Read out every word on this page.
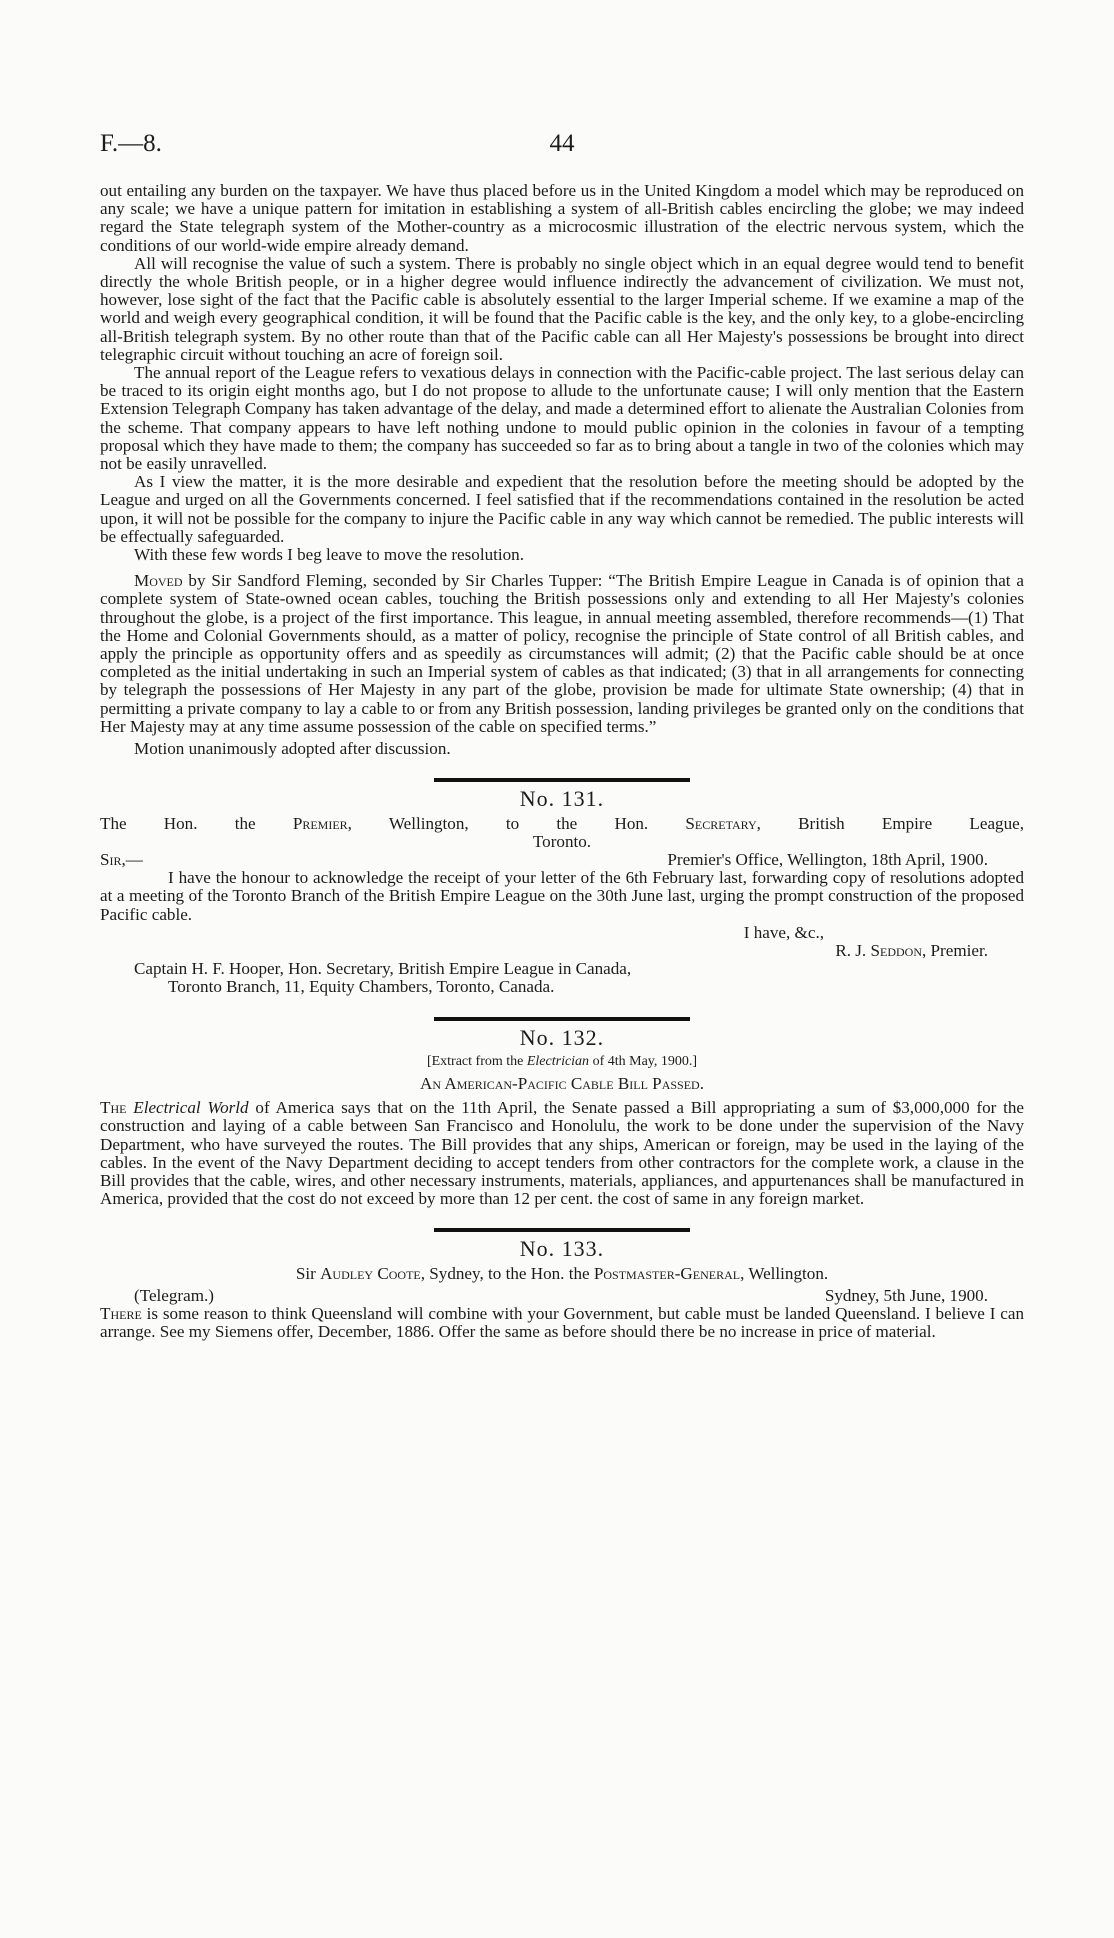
F.—8.	44

out entailing any burden on the taxpayer. We have thus placed before us in the United Kingdom a model which may be reproduced on any scale; we have a unique pattern for imitation in establishing a system of all-British cables encircling the globe; we may indeed regard the State telegraph system of the Mother-country as a microcosmic illustration of the electric nervous system, which the conditions of our world-wide empire already demand.

All will recognise the value of such a system. There is probably no single object which in an equal degree would tend to benefit directly the whole British people, or in a higher degree would influence indirectly the advancement of civilization. We must not, however, lose sight of the fact that the Pacific cable is absolutely essential to the larger Imperial scheme. If we examine a map of the world and weigh every geographical condition, it will be found that the Pacific cable is the key, and the only key, to a globe-encircling all-British telegraph system. By no other route than that of the Pacific cable can all Her Majesty's possessions be brought into direct telegraphic circuit without touching an acre of foreign soil.

The annual report of the League refers to vexatious delays in connection with the Pacific-cable project. The last serious delay can be traced to its origin eight months ago, but I do not propose to allude to the unfortunate cause; I will only mention that the Eastern Extension Telegraph Company has taken advantage of the delay, and made a determined effort to alienate the Australian Colonies from the scheme. That company appears to have left nothing undone to mould public opinion in the colonies in favour of a tempting proposal which they have made to them; the company has succeeded so far as to bring about a tangle in two of the colonies which may not be easily unravelled.

As I view the matter, it is the more desirable and expedient that the resolution before the meeting should be adopted by the League and urged on all the Governments concerned. I feel satisfied that if the recommendations contained in the resolution be acted upon, it will not be possible for the company to injure the Pacific cable in any way which cannot be remedied. The public interests will be effectually safeguarded.

With these few words I beg leave to move the resolution.

Moved by Sir Sandford Fleming, seconded by Sir Charles Tupper: “The British Empire League in Canada is of opinion that a complete system of State-owned ocean cables, touching the British possessions only and extending to all Her Majesty's colonies throughout the globe, is a project of the first importance. This league, in annual meeting assembled, therefore recommends—(1) That the Home and Colonial Governments should, as a matter of policy, recognise the principle of State control of all British cables, and apply the principle as opportunity offers and as speedily as circumstances will admit; (2) that the Pacific cable should be at once completed as the initial undertaking in such an Imperial system of cables as that indicated; (3) that in all arrangements for connecting by telegraph the possessions of Her Majesty in any part of the globe, provision be made for ultimate State ownership; (4) that in permitting a private company to lay a cable to or from any British possession, landing privileges be granted only on the conditions that Her Majesty may at any time assume possession of the cable on specified terms.”

Motion unanimously adopted after discussion.

No. 131.

The Hon. the Premier, Wellington, to the Hon. Secretary, British Empire League,

Toronto.

Sir,—	Premier's Office, Wellington, 18th April, 1900.

I have the honour to acknowledge the receipt of your letter of the 6th February last, forwarding copy of resolutions adopted at a meeting of the Toronto Branch of the British Empire League on the 30th June last, urging the prompt construction of the proposed Pacific cable.

I have, &c.,

R. J. Seddon, Premier.

Captain H. F. Hooper, Hon. Secretary, British Empire League in Canada,

Toronto Branch, 11, Equity Chambers, Toronto, Canada.

No. 132.

[Extract from the Electrician of 4th May, 1900.]

An American-Pacific Cable Bill Passed.

The Electrical World of America says that on the 11th April, the Senate passed a Bill appropriating a sum of $3,000,000 for the construction and laying of a cable between San Francisco and Honolulu, the work to be done under the supervision of the Navy Department, who have surveyed the routes. The Bill provides that any ships, American or foreign, may be used in the laying of the cables. In the event of the Navy Department deciding to accept tenders from other contractors for the complete work, a clause in the Bill provides that the cable, wires, and other necessary instruments, materials, appliances, and appurtenances shall be manufactured in America, provided that the cost do not exceed by more than 12 per cent. the cost of same in any foreign market.

No. 133.

Sir Audley Coote, Sydney, to the Hon. the Postmaster-General, Wellington.

(Telegram.)	Sydney, 5th June, 1900.

There is some reason to think Queensland will combine with your Government, but cable must be landed Queensland. I believe I can arrange. See my Siemens offer, December, 1886. Offer the same as before should there be no increase in price of material.
